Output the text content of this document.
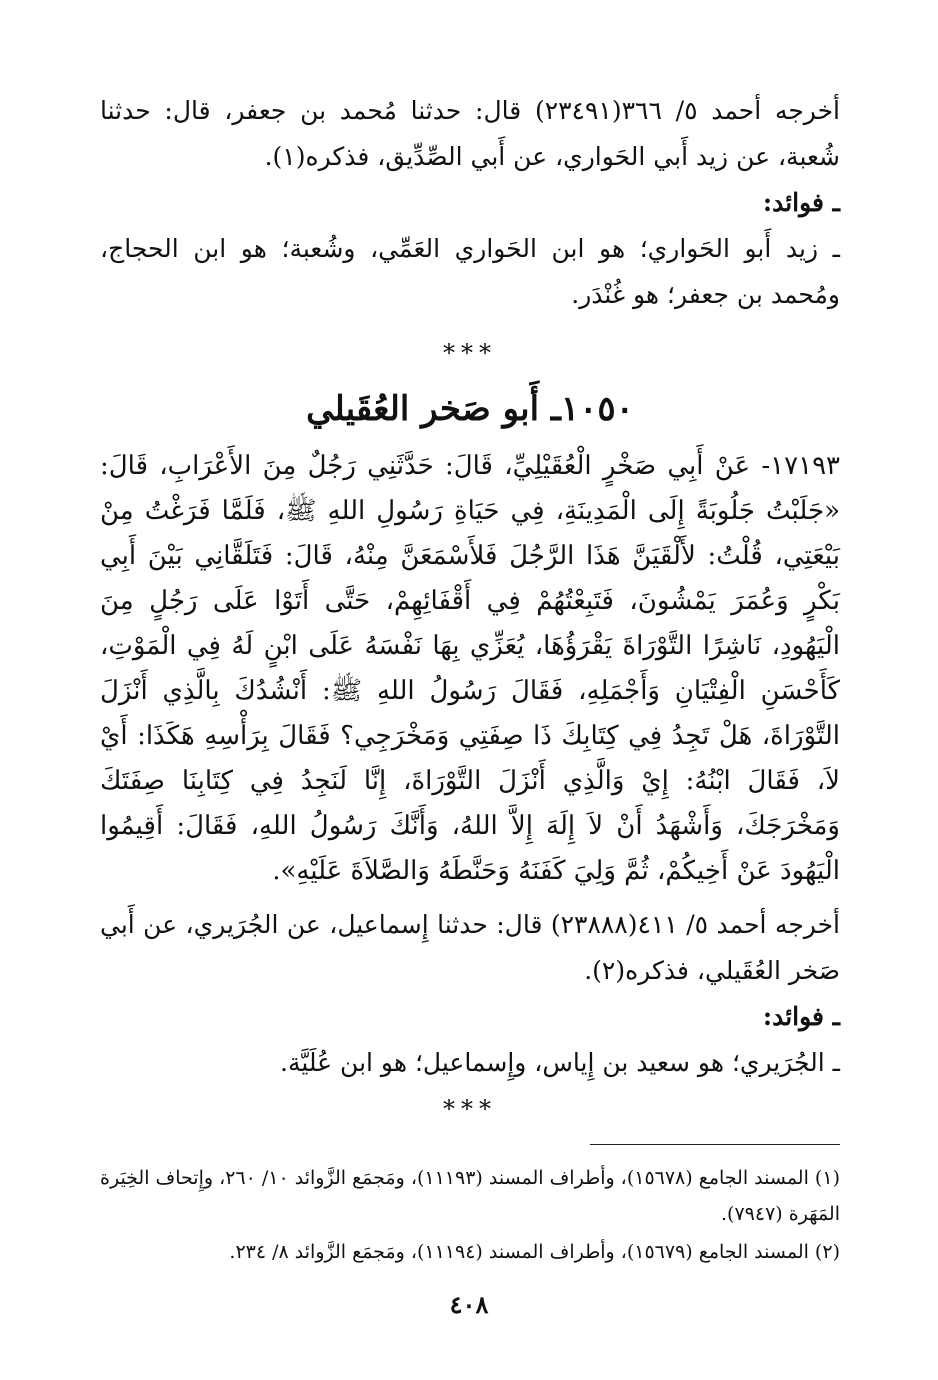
أخرجه أحمد ٥/ ٣٦٦(٢٣٤٩١) قال: حدثنا مُحمد بن جعفر، قال: حدثنا شُعبة، عن زيد أَبي الحَواري، عن أَبي الصِّدِّيق، فذكره(١).

ـ فوائد:

ـ زيد أَبو الحَواري؛ هو ابن الحَواري العَمِّي، وشُعبة؛ هو ابن الحجاج، ومُحمد بن جعفر؛ هو غُنْدَر.

***
١٠٥٠ـ أَبو صَخر العُقَيلي

١٧١٩٣- عَنْ أَبِي صَخْرٍ الْعُقَيْلِيِّ، قَالَ: حَدَّثَنِي رَجُلٌ مِنَ الأَعْرَابِ، قَالَ: «جَلَبْتُ جَلُوبَةً إِلَى الْمَدِينَةِ، فِي حَيَاةِ رَسُولِ اللهِ ﷺ، فَلَمَّا فَرَغْتُ مِنْ بَيْعَتِي، قُلْتُ: لأَلْقَيَنَّ هَذَا الرَّجُلَ فَلأَسْمَعَنَّ مِنْهُ، قَالَ: فَتَلَقَّانِي بَيْنَ أَبِي بَكْرٍ وَعُمَرَ يَمْشُونَ، فَتَبِعْتُهُمْ فِي أَقْفَائِهِمْ، حَتَّى أَتَوْا عَلَى رَجُلٍ مِنَ الْيَهُودِ، نَاشِرًا التَّوْرَاةَ يَقْرَؤُهَا، يُعَزِّي بِهَا نَفْسَهُ عَلَى ابْنٍ لَهُ فِي الْمَوْتِ، كَأَحْسَنِ الْفِتْيَانِ وَأَجْمَلِهِ، فَقَالَ رَسُولُ اللهِ ﷺ: أَنْشُدُكَ بِالَّذِي أَنْزَلَ التَّوْرَاةَ، هَلْ تَجِدُ فِي كِتَابِكَ ذَا صِفَتِي وَمَخْرَجِي؟ فَقَالَ بِرَأْسِهِ هَكَذَا: أَيْ لاَ، فَقَالَ ابْنُهُ: إِيْ وَالَّذِي أَنْزَلَ التَّوْرَاةَ، إِنَّا لَنَجِدُ فِي كِتَابِنَا صِفَتَكَ وَمَخْرَجَكَ، وَأَشْهَدُ أَنْ لاَ إِلَهَ إِلاَّ اللهُ، وَأَنَّكَ رَسُولُ اللهِ، فَقَالَ: أَقِيمُوا الْيَهُودَ عَنْ أَخِيكُمْ، ثُمَّ وَلِيَ كَفَنَهُ وَحَنَّطَهُ وَالصَّلاَةَ عَلَيْهِ».

أخرجه أحمد ٥/ ٤١١(٢٣٨٨٨) قال: حدثنا إِسماعيل، عن الجُرَيري، عن أَبي صَخر العُقَيلي، فذكره(٢).

ـ فوائد:

ـ الجُرَيري؛ هو سعيد بن إِياس، وإِسماعيل؛ هو ابن عُلَيَّة.

***

(١) المسند الجامع (١٥٦٧٨)، وأطراف المسند (١١١٩٣)، ومَجمَع الزَّوائد ١٠/ ٢٦٠، وإِتحاف الخِيَرة المَهَرة (٧٩٤٧).

(٢) المسند الجامع (١٥٦٧٩)، وأطراف المسند (١١١٩٤)، ومَجمَع الزَّوائد ٨/ ٢٣٤.

٤٠٨
